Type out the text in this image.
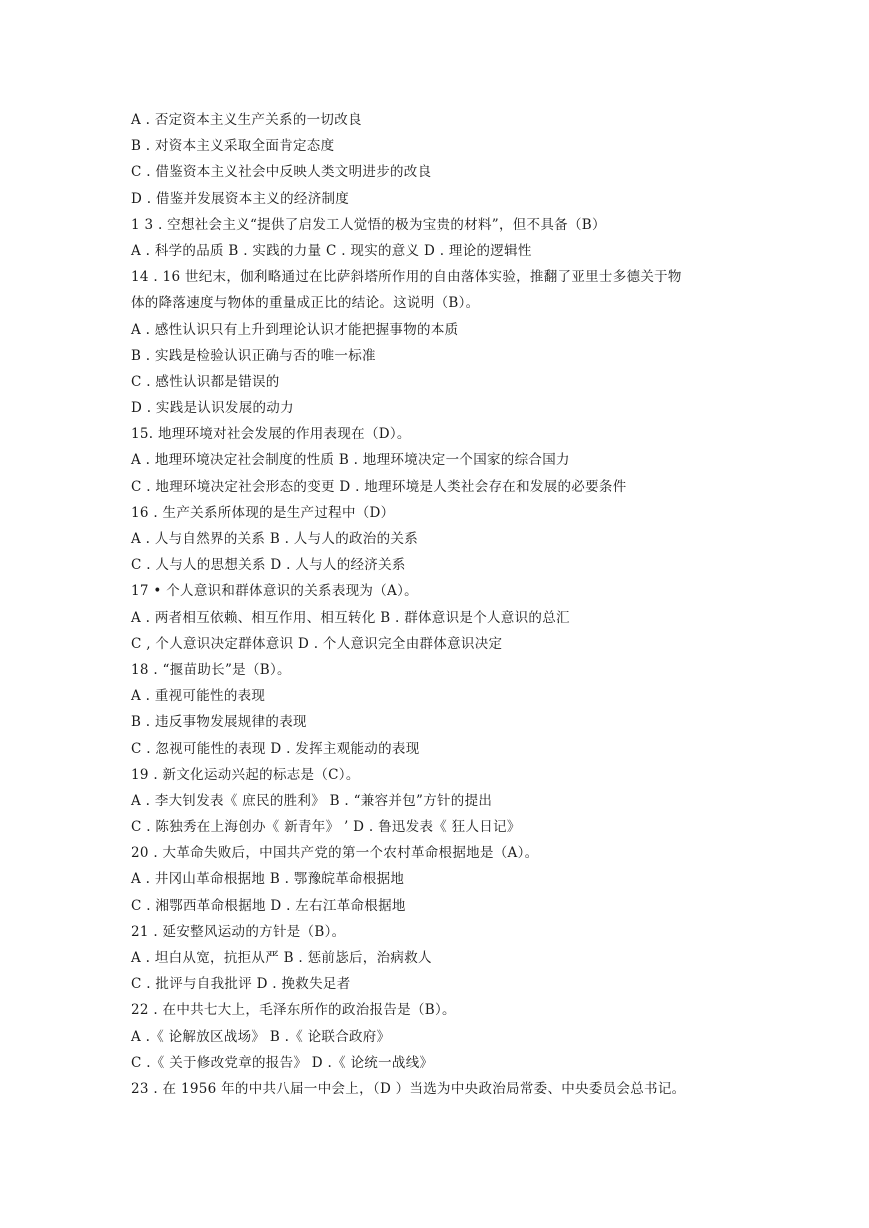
A . 否定资本主义生产关系的一切改良
B . 对资本主义采取全面肯定态度
C . 借鉴资本主义社会中反映人类文明进步的改良
D . 借鉴并发展资本主义的经济制度
1 3 . 空想社会主义“提供了启发工人觉悟的极为宝贵的材料”，但不具备（B）
A . 科学的品质 B . 实践的力量 C . 现实的意义 D . 理论的逻辑性
14 . 16 世纪末，伽利略通过在比萨斜塔所作用的自由落体实验，推翻了亚里士多德关于物
体的降落速度与物体的重量成正比的结论。这说明（B）。
A . 感性认识只有上升到理论认识才能把握事物的本质
B . 实践是检验认识正确与否的唯一标准
C . 感性认识都是错误的
D . 实践是认识发展的动力
15. 地理环境对社会发展的作用表现在（D）。
A . 地理环境决定社会制度的性质 B . 地理环境决定一个国家的综合国力
C . 地理环境决定社会形态的变更 D . 地理环境是人类社会存在和发展的必要条件
16 . 生产关系所体现的是生产过程中（D）
A . 人与自然界的关系 B . 人与人的政治的关系
C . 人与人的思想关系 D . 人与人的经济关系
17 • 个人意识和群体意识的关系表现为（A）。
A . 两者相互依赖、相互作用、相互转化 B . 群体意识是个人意识的总汇
C , 个人意识决定群体意识 D . 个人意识完全由群体意识决定
18 . “揠苗助长”是（B）。
A . 重视可能性的表现
B . 违反事物发展规律的表现
C . 忽视可能性的表现 D . 发挥主观能动的表现
19 . 新文化运动兴起的标志是（C）。
A . 李大钊发表《 庶民的胜利》 B . “兼容并包”方针的提出
C . 陈独秀在上海创办《 新青年》 ’ D . 鲁迅发表《 狂人日记》
20 . 大革命失败后，中国共产党的第一个农村革命根据地是（A）。
A . 井冈山革命根据地 B . 鄂豫皖革命根据地
C . 湘鄂西革命根据地 D . 左右江革命根据地
21 . 延安整风运动的方针是（B）。
A . 坦白从宽，抗拒从严 B . 惩前毖后，治病救人
C . 批评与自我批评 D . 挽救失足者
22 . 在中共七大上，毛泽东所作的政治报告是（B）。
A .《 论解放区战场》 B .《 论联合政府》
C .《 关于修改党章的报告》 D .《 论统一战线》
23 . 在 1956 年的中共八届一中会上，（D ）当选为中央政治局常委、中央委员会总书记。
